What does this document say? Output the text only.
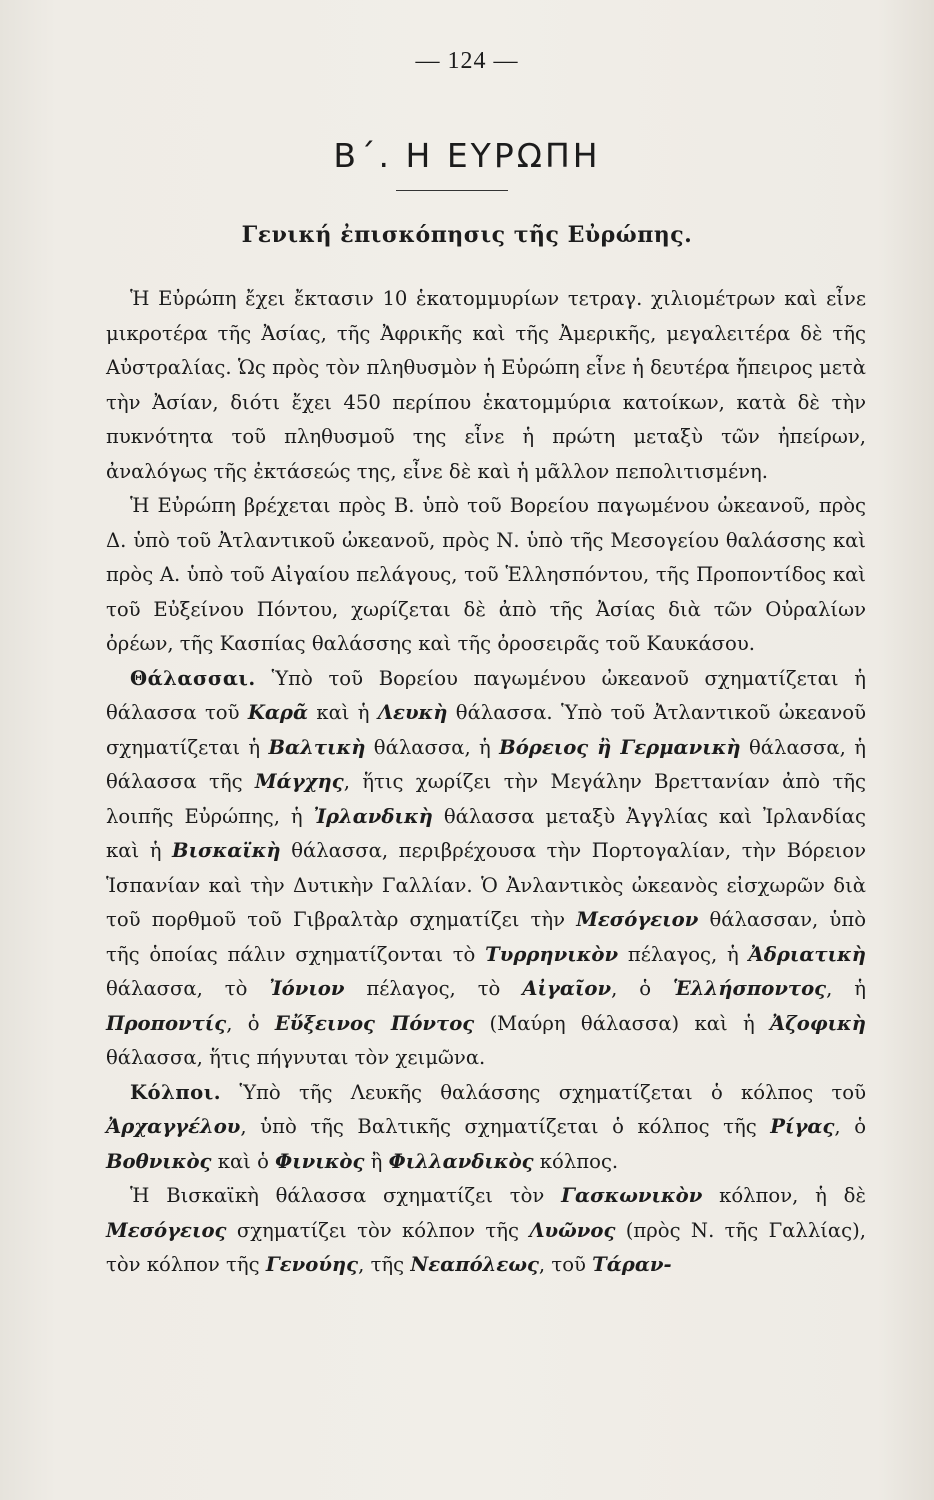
— 124 —
Β΄. Η ΕΥΡΩΠΗ
Γενική ἐπισκόπησις τῆς Εὐρώπης.

Ἡ Εὐρώπη ἔχει ἔκτασιν 10 ἑκατομμυρίων τετραγ. χιλιομέτρων καὶ εἶνε μικροτέρα τῆς Ἀσίας, τῆς Ἀφρικῆς καὶ τῆς Ἀμερικῆς, μεγαλειτέρα δὲ τῆς Αὐστραλίας. Ὡς πρὸς τὸν πληθυσμὸν ἡ Εὐρώπη εἶνε ἡ δευτέρα ἤπειρος μετὰ τὴν Ἀσίαν, διότι ἔχει 450 περίπου ἑκατομμύρια κατοίκων, κατὰ δὲ τὴν πυκνότητα τοῦ πληθυσμοῦ της εἶνε ἡ πρώτη μεταξὺ τῶν ἠπείρων, ἀναλόγως τῆς ἐκτάσεώς της, εἶνε δὲ καὶ ἡ μᾶλλον πεπολιτισμένη.

Ἡ Εὐρώπη βρέχεται πρὸς Β. ὑπὸ τοῦ Βορείου παγωμένου ὠκεανοῦ, πρὸς Δ. ὑπὸ τοῦ Ἀτλαντικοῦ ὠκεανοῦ, πρὸς Ν. ὑπὸ τῆς Μεσογείου θαλάσσης καὶ πρὸς Α. ὑπὸ τοῦ Αἰγαίου πελάγους, τοῦ Ἑλλησπόντου, τῆς Προποντίδος καὶ τοῦ Εὐξείνου Πόντου, χωρίζεται δὲ ἀπὸ τῆς Ἀσίας διὰ τῶν Οὐραλίων ὀρέων, τῆς Κασπίας θαλάσσης καὶ τῆς ὀροσειρᾶς τοῦ Καυκάσου.

Θάλασσαι. Ὑπὸ τοῦ Βορείου παγωμένου ὠκεανοῦ σχηματίζεται ἡ θάλασσα τοῦ Καρᾶ καὶ ἡ Λευκὴ θάλασσα. Ὑπὸ τοῦ Ἀτλαντικοῦ ὠκεανοῦ σχηματίζεται ἡ Βαλτικὴ θάλασσα, ἡ Βόρειος ἢ Γερμανικὴ θάλασσα, ἡ θάλασσα τῆς Μάγχης, ἥτις χωρίζει τὴν Μεγάλην Βρεττανίαν ἀπὸ τῆς λοιπῆς Εὐρώπης, ἡ Ἰρλανδικὴ θάλασσα μεταξὺ Ἀγγλίας καὶ Ἰρλανδίας καὶ ἡ Βισκαϊκὴ θάλασσα, περιβρέχουσα τὴν Πορτογαλίαν, τὴν Βόρειον Ἱσπανίαν καὶ τὴν Δυτικὴν Γαλλίαν. Ὁ Ἀνλαντικὸς ὠκεανὸς εἰσχωρῶν διὰ τοῦ πορθμοῦ τοῦ Γιβραλτὰρ σχηματίζει τὴν Μεσόγειον θάλασσαν, ὑπὸ τῆς ὁποίας πάλιν σχηματίζονται τὸ Τυρρηνικὸν πέλαγος, ἡ Ἀδριατικὴ θάλασσα, τὸ Ἰόνιον πέλαγος, τὸ Αἰγαῖον, ὁ Ἑλλήσποντος, ἡ Προποντίς, ὁ Εὔξεινος Πόντος (Μαύρη θάλασσα) καὶ ἡ Ἀζοφικὴ θάλασσα, ἥτις πήγνυται τὸν χειμῶνα.

Κόλποι. Ὑπὸ τῆς Λευκῆς θαλάσσης σχηματίζεται ὁ κόλπος τοῦ Ἀρχαγγέλου, ὑπὸ τῆς Βαλτικῆς σχηματίζεται ὁ κόλπος τῆς Ρίγας, ὁ Βοθνικὸς καὶ ὁ Φινικὸς ἢ Φιλλανδικὸς κόλπος.

Ἡ Βισκαϊκὴ θάλασσα σχηματίζει τὸν Γασκωνικὸν κόλπον, ἡ δὲ Μεσόγειος σχηματίζει τὸν κόλπον τῆς Λυῶνος (πρὸς Ν. τῆς Γαλλίας), τὸν κόλπον τῆς Γενούης, τῆς Νεαπόλεως, τοῦ Τάραν-
